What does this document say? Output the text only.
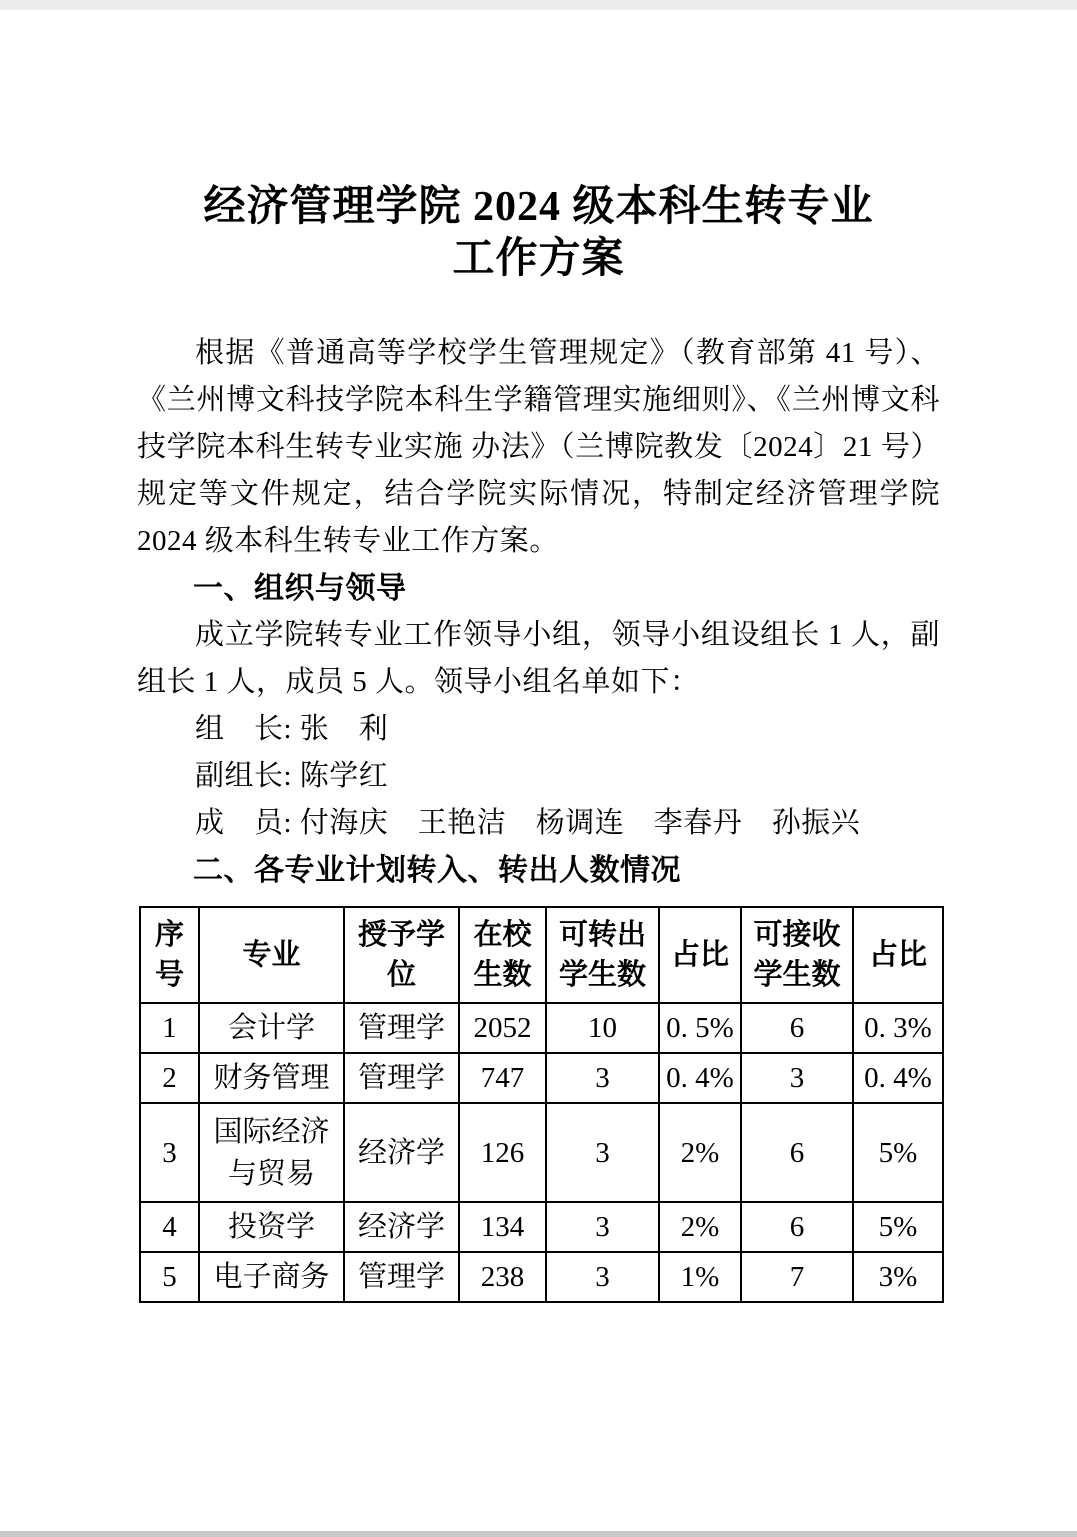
经济管理学院 2024 级本科生转专业
工作方案

根据《普通高等学校学生管理规定》（教育部第 41 号）、《兰州博文科技学院本科生学籍管理实施细则》、《兰州博文科技学院本科生转专业实施 办法》（兰博院教发〔2024〕21 号）规定等文件规定，结合学院实际情况，特制定经济管理学院 2024 级本科生转专业工作方案。

一、组织与领导

成立学院转专业工作领导小组，领导小组设组长 1 人，副组长 1 人，成员 5 人。领导小组名单如下：

组　长: 张　利

副组长: 陈学红

成　员: 付海庆　王艳洁　杨调连　李春丹　孙振兴

二、各专业计划转入、转出人数情况
序号	专业	授予学位	在校生数	可转出学生数	占比	可接收学生数	占比
1	会计学	管理学	2052	10	0. 5%	6	0. 3%
2	财务管理	管理学	747	3	0. 4%	3	0. 4%
3	国际经济与贸易	经济学	126	3	2%	6	5%
4	投资学	经济学	134	3	2%	6	5%
5	电子商务	管理学	238	3	1%	7	3%
